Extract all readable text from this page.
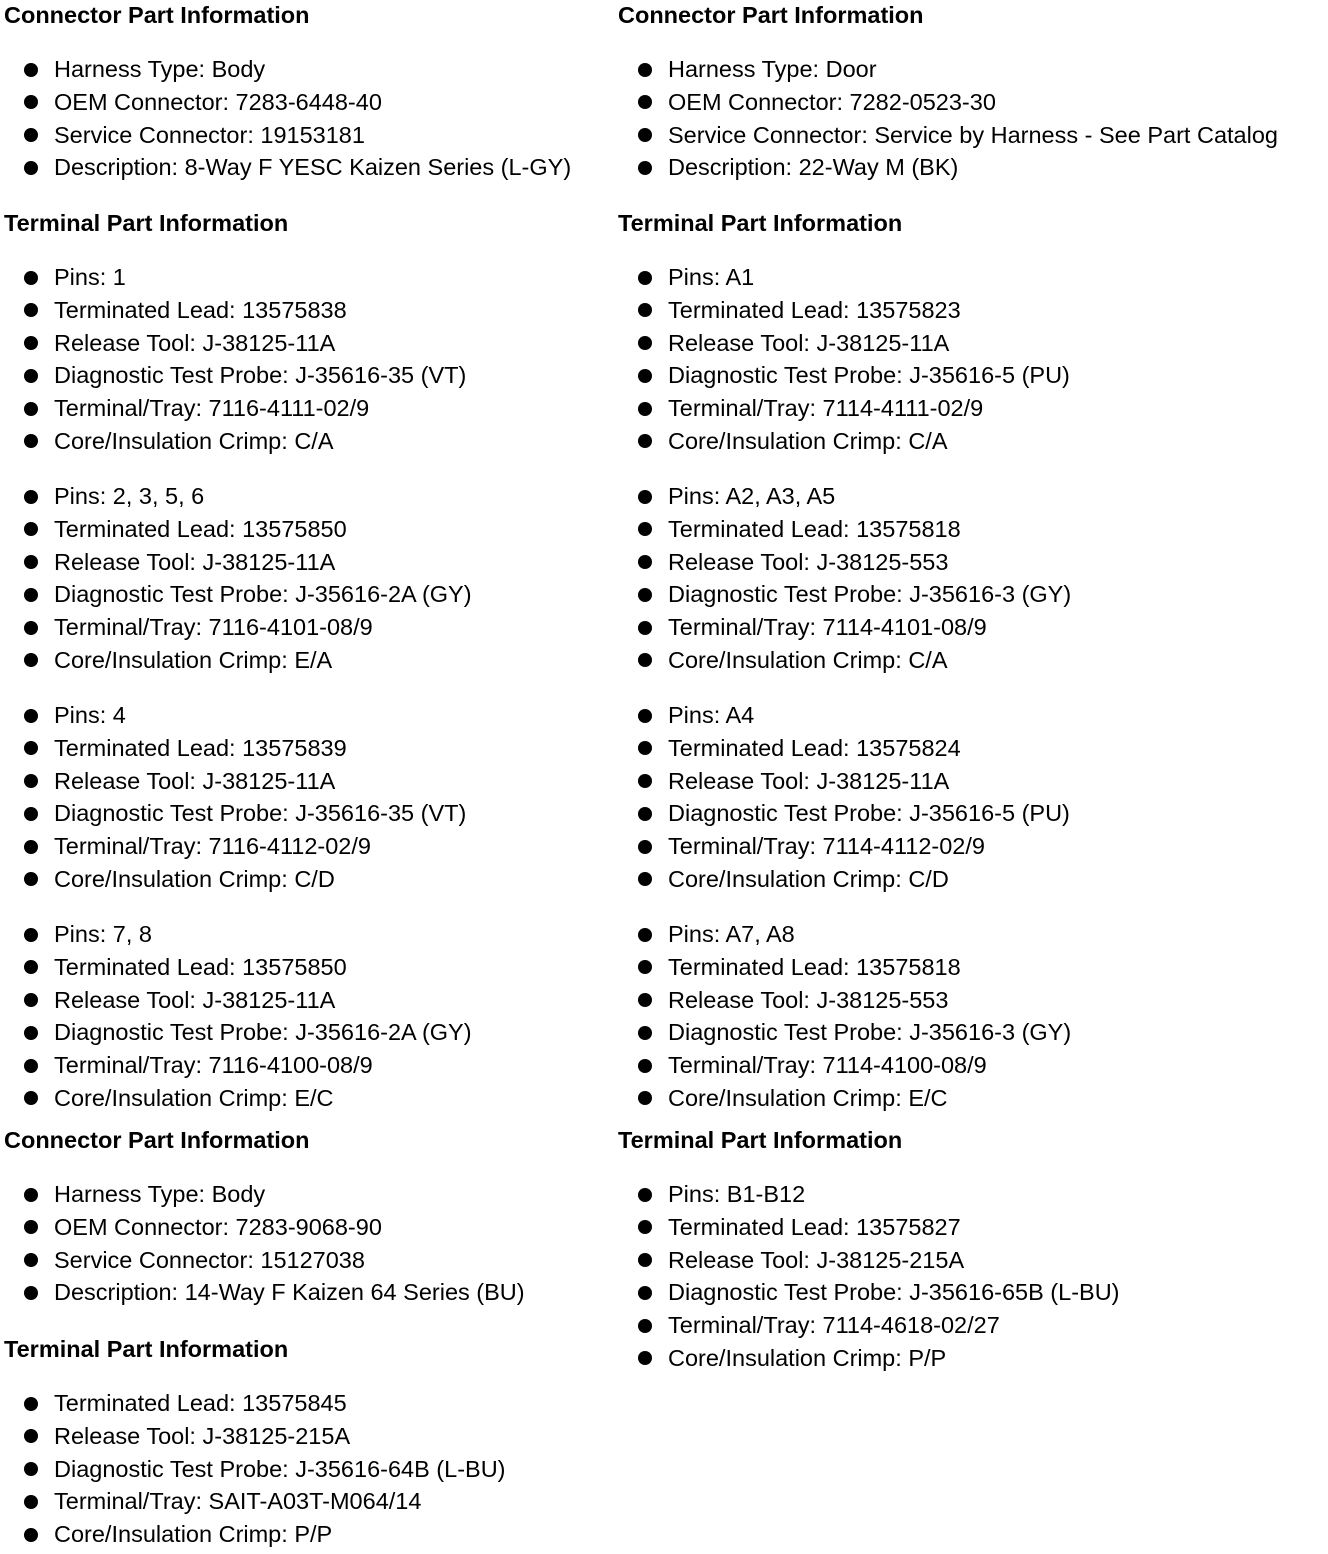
Connector Part Information
Harness Type: Body
OEM Connector: 7283-6448-40
Service Connector: 19153181
Description: 8-Way F YESC Kaizen Series (L-GY)
Terminal Part Information
Pins: 1
Terminated Lead: 13575838
Release Tool: J-38125-11A
Diagnostic Test Probe: J-35616-35 (VT)
Terminal/Tray: 7116-4111-02/9
Core/Insulation Crimp: C/A
Pins: 2, 3, 5, 6
Terminated Lead: 13575850
Release Tool: J-38125-11A
Diagnostic Test Probe: J-35616-2A (GY)
Terminal/Tray: 7116-4101-08/9
Core/Insulation Crimp: E/A
Pins: 4
Terminated Lead: 13575839
Release Tool: J-38125-11A
Diagnostic Test Probe: J-35616-35 (VT)
Terminal/Tray: 7116-4112-02/9
Core/Insulation Crimp: C/D
Pins: 7, 8
Terminated Lead: 13575850
Release Tool: J-38125-11A
Diagnostic Test Probe: J-35616-2A (GY)
Terminal/Tray: 7116-4100-08/9
Core/Insulation Crimp: E/C
Connector Part Information
Harness Type: Body
OEM Connector: 7283-9068-90
Service Connector: 15127038
Description: 14-Way F Kaizen 64 Series (BU)
Terminal Part Information
Terminated Lead: 13575845
Release Tool: J-38125-215A
Diagnostic Test Probe: J-35616-64B (L-BU)
Terminal/Tray: SAIT-A03T-M064/14
Core/Insulation Crimp: P/P
Connector Part Information
Harness Type: Door
OEM Connector: 7282-0523-30
Service Connector: Service by Harness - See Part Catalog
Description: 22-Way M (BK)
Terminal Part Information
Pins: A1
Terminated Lead: 13575823
Release Tool: J-38125-11A
Diagnostic Test Probe: J-35616-5 (PU)
Terminal/Tray: 7114-4111-02/9
Core/Insulation Crimp: C/A
Pins: A2, A3, A5
Terminated Lead: 13575818
Release Tool: J-38125-553
Diagnostic Test Probe: J-35616-3 (GY)
Terminal/Tray: 7114-4101-08/9
Core/Insulation Crimp: C/A
Pins: A4
Terminated Lead: 13575824
Release Tool: J-38125-11A
Diagnostic Test Probe: J-35616-5 (PU)
Terminal/Tray: 7114-4112-02/9
Core/Insulation Crimp: C/D
Pins: A7, A8
Terminated Lead: 13575818
Release Tool: J-38125-553
Diagnostic Test Probe: J-35616-3 (GY)
Terminal/Tray: 7114-4100-08/9
Core/Insulation Crimp: E/C
Terminal Part Information
Pins: B1-B12
Terminated Lead: 13575827
Release Tool: J-38125-215A
Diagnostic Test Probe: J-35616-65B (L-BU)
Terminal/Tray: 7114-4618-02/27
Core/Insulation Crimp: P/P
